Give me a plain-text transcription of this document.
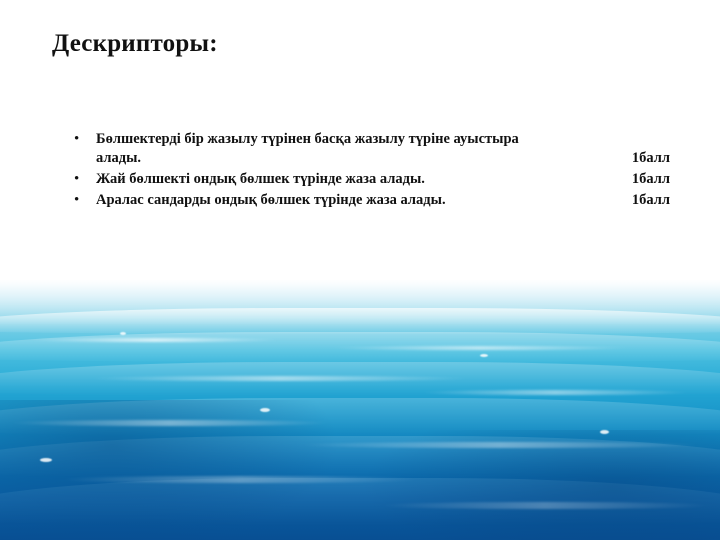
Дескрипторы:
•	Бөлшектерді бір жазылу түрінен басқа жазылу түріне ауыстыра
алады.	1балл
•	Жай бөлшекті ондық бөлшек түрінде жаза алады.	1балл
•	Аралас сандарды ондық бөлшек түрінде жаза алады.	1балл
